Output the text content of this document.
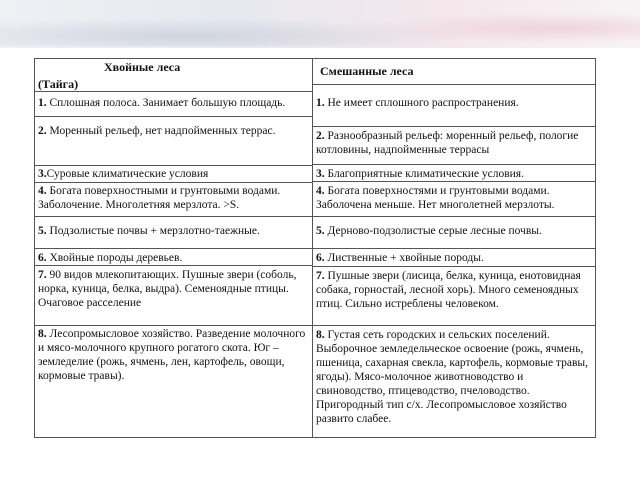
Хвойные леса
(Тайга)
Смешанные леса
1. Сплошная полоса. Занимает большую площадь.
2. Моренный рельеф, нет надпойменных террас.
3.Суровые климатические условия
4. Богата поверхностными и грунтовыми водами. Заболочение. Многолетняя мерзлота. >S.
5. Подзолистые почвы + мерзлотно-таежные.
6. Хвойные породы деревьев.
7. 90 видов млекопитающих. Пушные звери (соболь, норка, куница, белка, выдра). Семеноядные птицы. Очаговое расселение
8. Лесопромысловое хозяйство. Разведение молочного и мясо-молочного крупного рогатого скота. Юг – земледелие (рожь, ячмень, лен, картофель, овощи, кормовые травы).
1. Не имеет сплошного распространения.
2. Разнообразный рельеф: моренный рельеф, пологие котловины, надпойменные террасы
3. Благоприятные климатические условия.
4. Богата поверхностями и грунтовыми водами. Заболочена меньше. Нет многолетней мерзлоты.
5. Дерново-подзолистые серые лесные почвы.
6. Лиственные + хвойные породы.
7. Пушные звери (лисица, белка, куница, енотовидная собака, горностай, лесной хорь). Много семеноядных птиц. Сильно истреблены человеком.
8. Густая сеть городских и сельских поселений. Выборочное земледельческое освоение (рожь, ячмень, пшеница, сахарная свекла, картофель, кормовые травы, ягоды). Мясо-молочное животноводство и свиноводство, птицеводство, пчеловодство. Пригородный тип с/х. Лесопромысловое хозяйство развито слабее.
